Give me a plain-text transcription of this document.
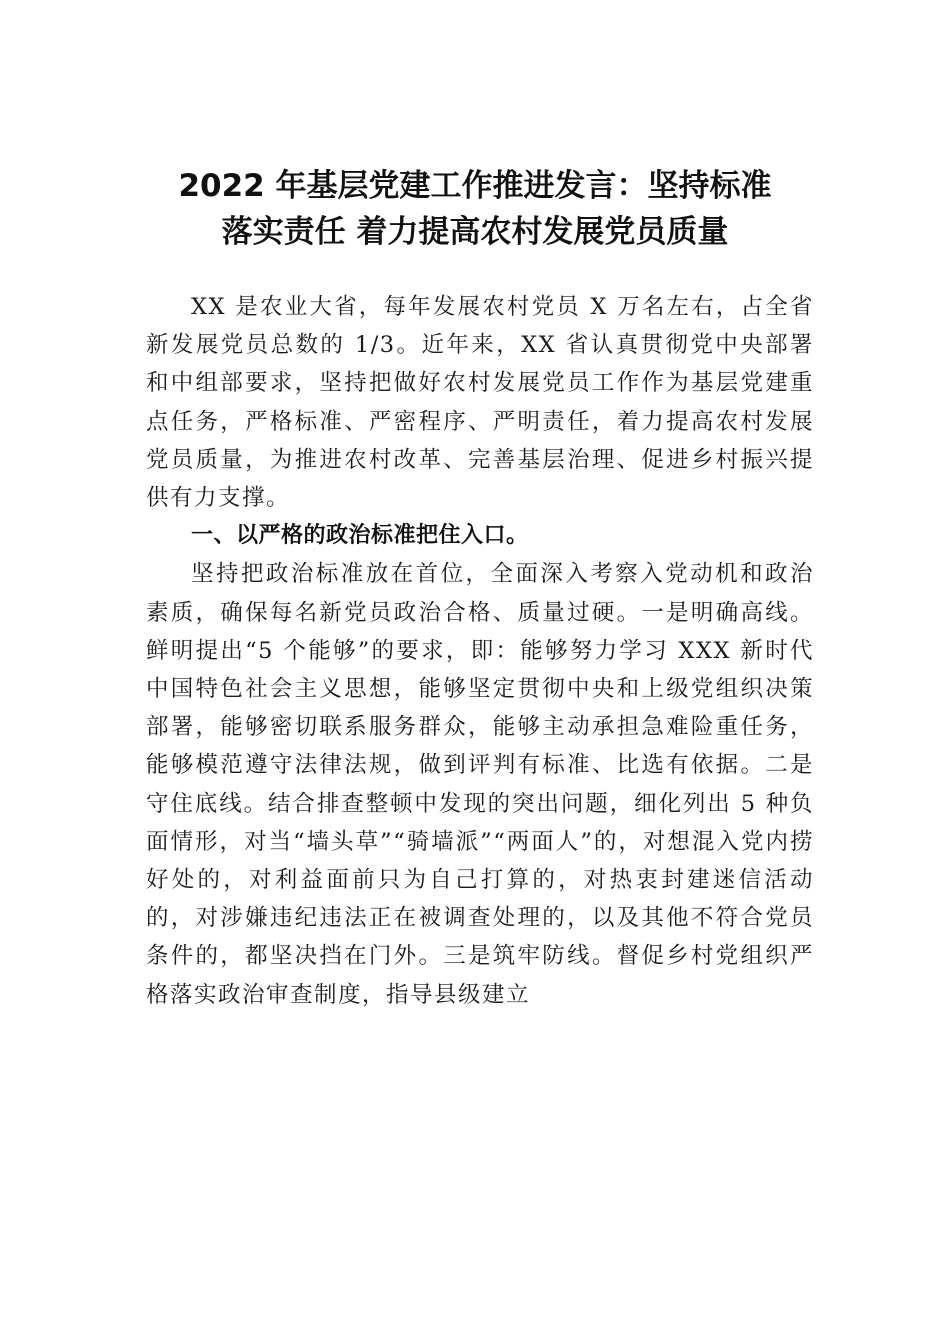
2022 年基层党建工作推进发言：坚持标准
落实责任 着力提高农村发展党员质量

XX 是农业大省，每年发展农村党员 X 万名左右，占全省新发展党员总数的 1/3。近年来，XX 省认真贯彻党中央部署和中组部要求，坚持把做好农村发展党员工作作为基层党建重点任务，严格标准、严密程序、严明责任，着力提高农村发展党员质量，为推进农村改革、完善基层治理、促进乡村振兴提供有力支撑。

一、以严格的政治标准把住入口。

坚持把政治标准放在首位，全面深入考察入党动机和政治素质，确保每名新党员政治合格、质量过硬。一是明确高线。鲜明提出“5 个能够”的要求，即：能够努力学习 XXX 新时代中国特色社会主义思想，能够坚定贯彻中央和上级党组织决策部署，能够密切联系服务群众，能够主动承担急难险重任务，能够模范遵守法律法规，做到评判有标准、比选有依据。二是守住底线。结合排查整顿中发现的突出问题，细化列出 5 种负面情形，对当“墙头草”“骑墙派”“两面人”的，对想混入党内捞好处的，对利益面前只为自己打算的，对热衷封建迷信活动的，对涉嫌违纪违法正在被调查处理的，以及其他不符合党员条件的，都坚决挡在门外。三是筑牢防线。督促乡村党组织严格落实政治审查制度，指导县级建立
